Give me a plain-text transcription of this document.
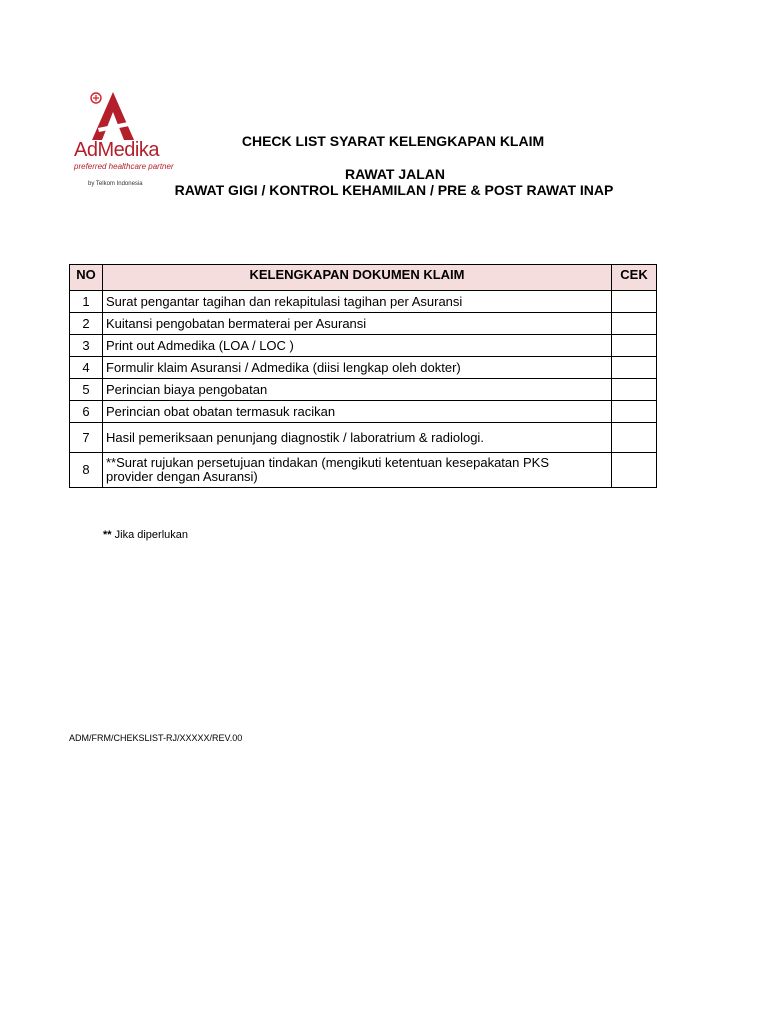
AdMedika
preferred healthcare partner
by Telkom Indonesia
CHECK LIST SYARAT KELENGKAPAN KLAIM
RAWAT JALAN
RAWAT GIGI / KONTROL KEHAMILAN / PRE & POST RAWAT INAP
NO	KELENGKAPAN DOKUMEN KLAIM	CEK
1	Surat pengantar tagihan dan rekapitulasi tagihan per Asuransi	
2	Kuitansi pengobatan bermaterai per Asuransi	
3	Print out Admedika (LOA / LOC )	
4	Formulir klaim Asuransi / Admedika (diisi lengkap oleh dokter)	
5	Perincian biaya pengobatan	
6	Perincian obat obatan termasuk racikan	
7	Hasil pemeriksaan penunjang diagnostik / laboratrium & radiologi.	
8	**Surat rujukan persetujuan tindakan (mengikuti ketentuan kesepakatan PKS
provider dengan Asuransi)	

** Jika diperlukan
ADM/FRM/CHEKSLIST-RJ/XXXXX/REV.00
